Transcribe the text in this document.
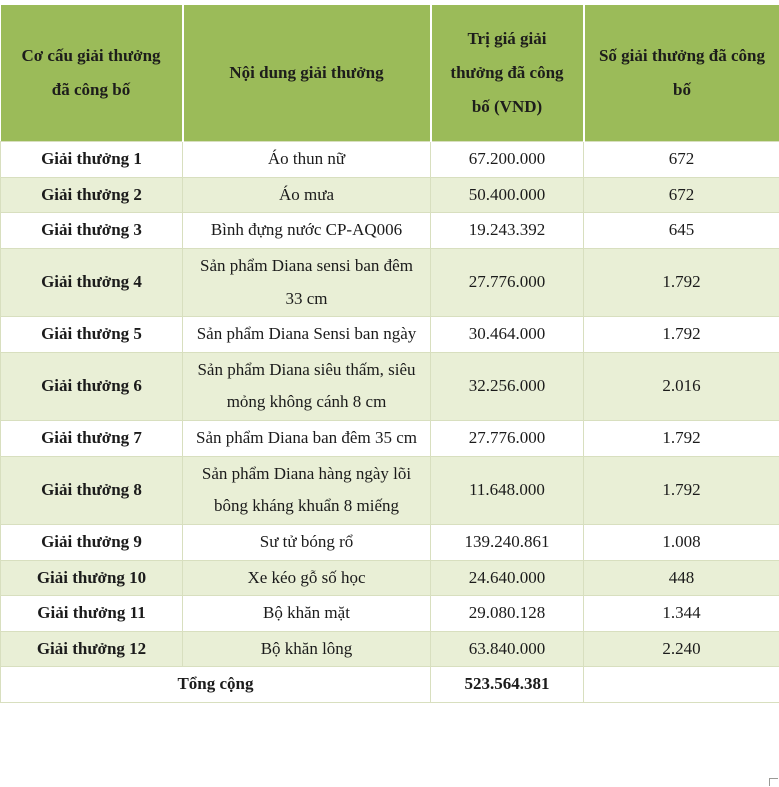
Cơ cấu giải thưởng đã công bố	Nội dung giải thưởng	Trị giá giải thưởng đã công bố (VND)	Số giải thưởng đã công bố
Giải thưởng 1	Áo thun nữ	67.200.000	672
Giải thưởng 2	Áo mưa	50.400.000	672
Giải thưởng 3	Bình đựng nước CP-AQ006	19.243.392	645
Giải thưởng 4	Sản phẩm Diana sensi ban đêm 33 cm	27.776.000	1.792
Giải thưởng 5	Sản phẩm Diana Sensi ban ngày	30.464.000	1.792
Giải thưởng 6	Sản phẩm Diana siêu thấm, siêu mỏng không cánh 8 cm	32.256.000	2.016
Giải thưởng 7	Sản phẩm Diana ban đêm 35 cm	27.776.000	1.792
Giải thưởng 8	Sản phẩm Diana hàng ngày lõi bông kháng khuẩn 8 miếng	11.648.000	1.792
Giải thưởng 9	Sư tử bóng rổ	139.240.861	1.008
Giải thưởng 10	Xe kéo gỗ số học	24.640.000	448
Giải thưởng 11	Bộ khăn mặt	29.080.128	1.344
Giải thưởng 12	Bộ khăn lông	63.840.000	2.240
Tổng cộng		523.564.381	
